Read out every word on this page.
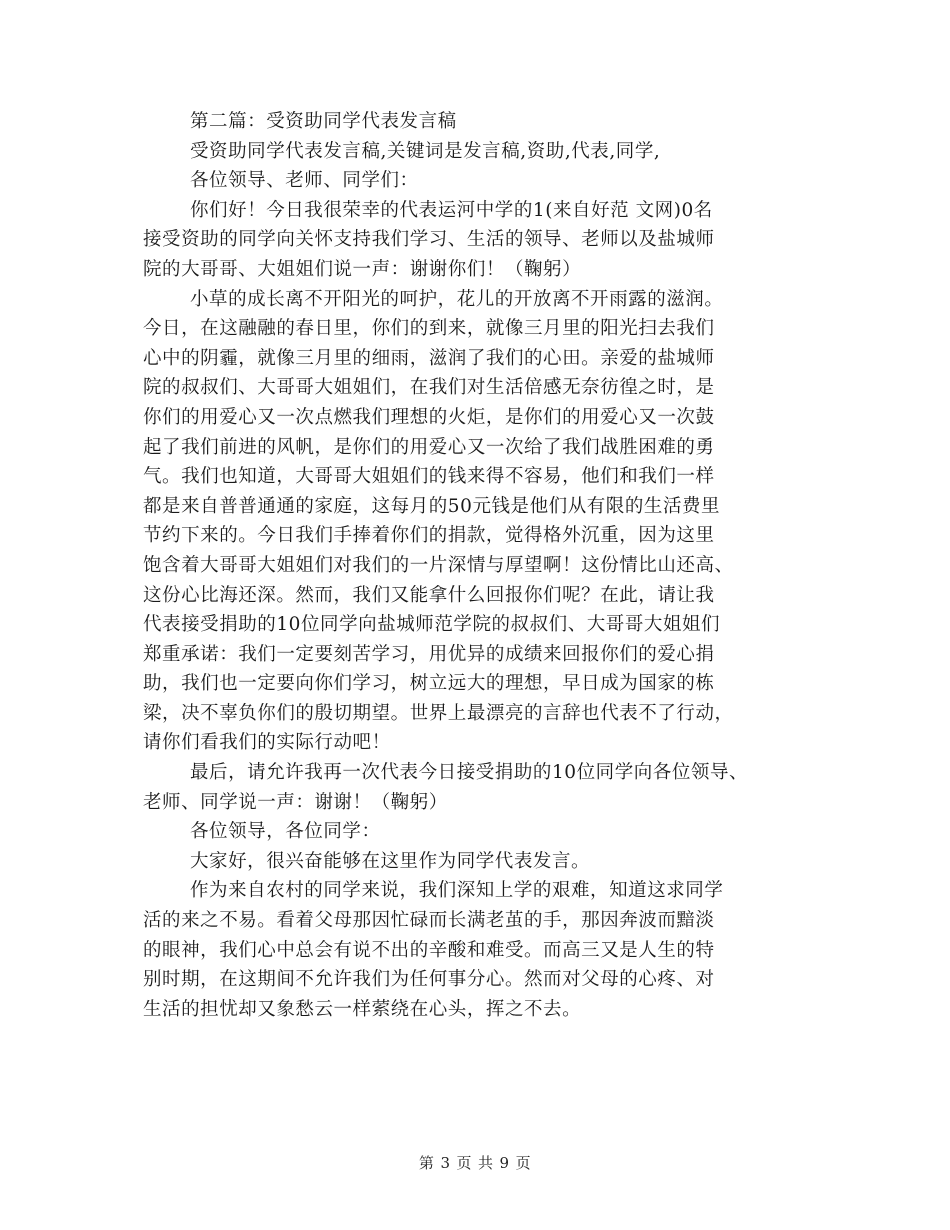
第二篇：受资助同学代表发言稿
受资助同学代表发言稿,关键词是发言稿,资助,代表,同学,
各位领导、老师、同学们：
你们好！今日我很荣幸的代表运河中学的1(来自好范 文网)0名
接受资助的同学向关怀支持我们学习、生活的领导、老师以及盐城师
院的大哥哥、大姐姐们说一声：谢谢你们！（鞠躬）
小草的成长离不开阳光的呵护，花儿的开放离不开雨露的滋润。
今日，在这融融的春日里，你们的到来，就像三月里的阳光扫去我们
心中的阴霾，就像三月里的细雨，滋润了我们的心田。亲爱的盐城师
院的叔叔们、大哥哥大姐姐们，在我们对生活倍感无奈彷徨之时，是
你们的用爱心又一次点燃我们理想的火炬，是你们的用爱心又一次鼓
起了我们前进的风帆，是你们的用爱心又一次给了我们战胜困难的勇
气。我们也知道，大哥哥大姐姐们的钱来得不容易，他们和我们一样
都是来自普普通通的家庭，这每月的50元钱是他们从有限的生活费里
节约下来的。今日我们手捧着你们的捐款，觉得格外沉重，因为这里
饱含着大哥哥大姐姐们对我们的一片深情与厚望啊！这份情比山还高、
这份心比海还深。然而，我们又能拿什么回报你们呢？在此，请让我
代表接受捐助的10位同学向盐城师范学院的叔叔们、大哥哥大姐姐们
郑重承诺：我们一定要刻苦学习，用优异的成绩来回报你们的爱心捐
助，我们也一定要向你们学习，树立远大的理想，早日成为国家的栋
梁，决不辜负你们的殷切期望。世界上最漂亮的言辞也代表不了行动，
请你们看我们的实际行动吧！
最后，请允许我再一次代表今日接受捐助的10位同学向各位领导、
老师、同学说一声：谢谢！（鞠躬）
各位领导，各位同学：
大家好，很兴奋能够在这里作为同学代表发言。
作为来自农村的同学来说，我们深知上学的艰难，知道这求同学
活的来之不易。看着父母那因忙碌而长满老茧的手，那因奔波而黯淡
的眼神，我们心中总会有说不出的辛酸和难受。而高三又是人生的特
别时期，在这期间不允许我们为任何事分心。然而对父母的心疼、对
生活的担忧却又象愁云一样萦绕在心头，挥之不去。
第 3 页 共 9 页
